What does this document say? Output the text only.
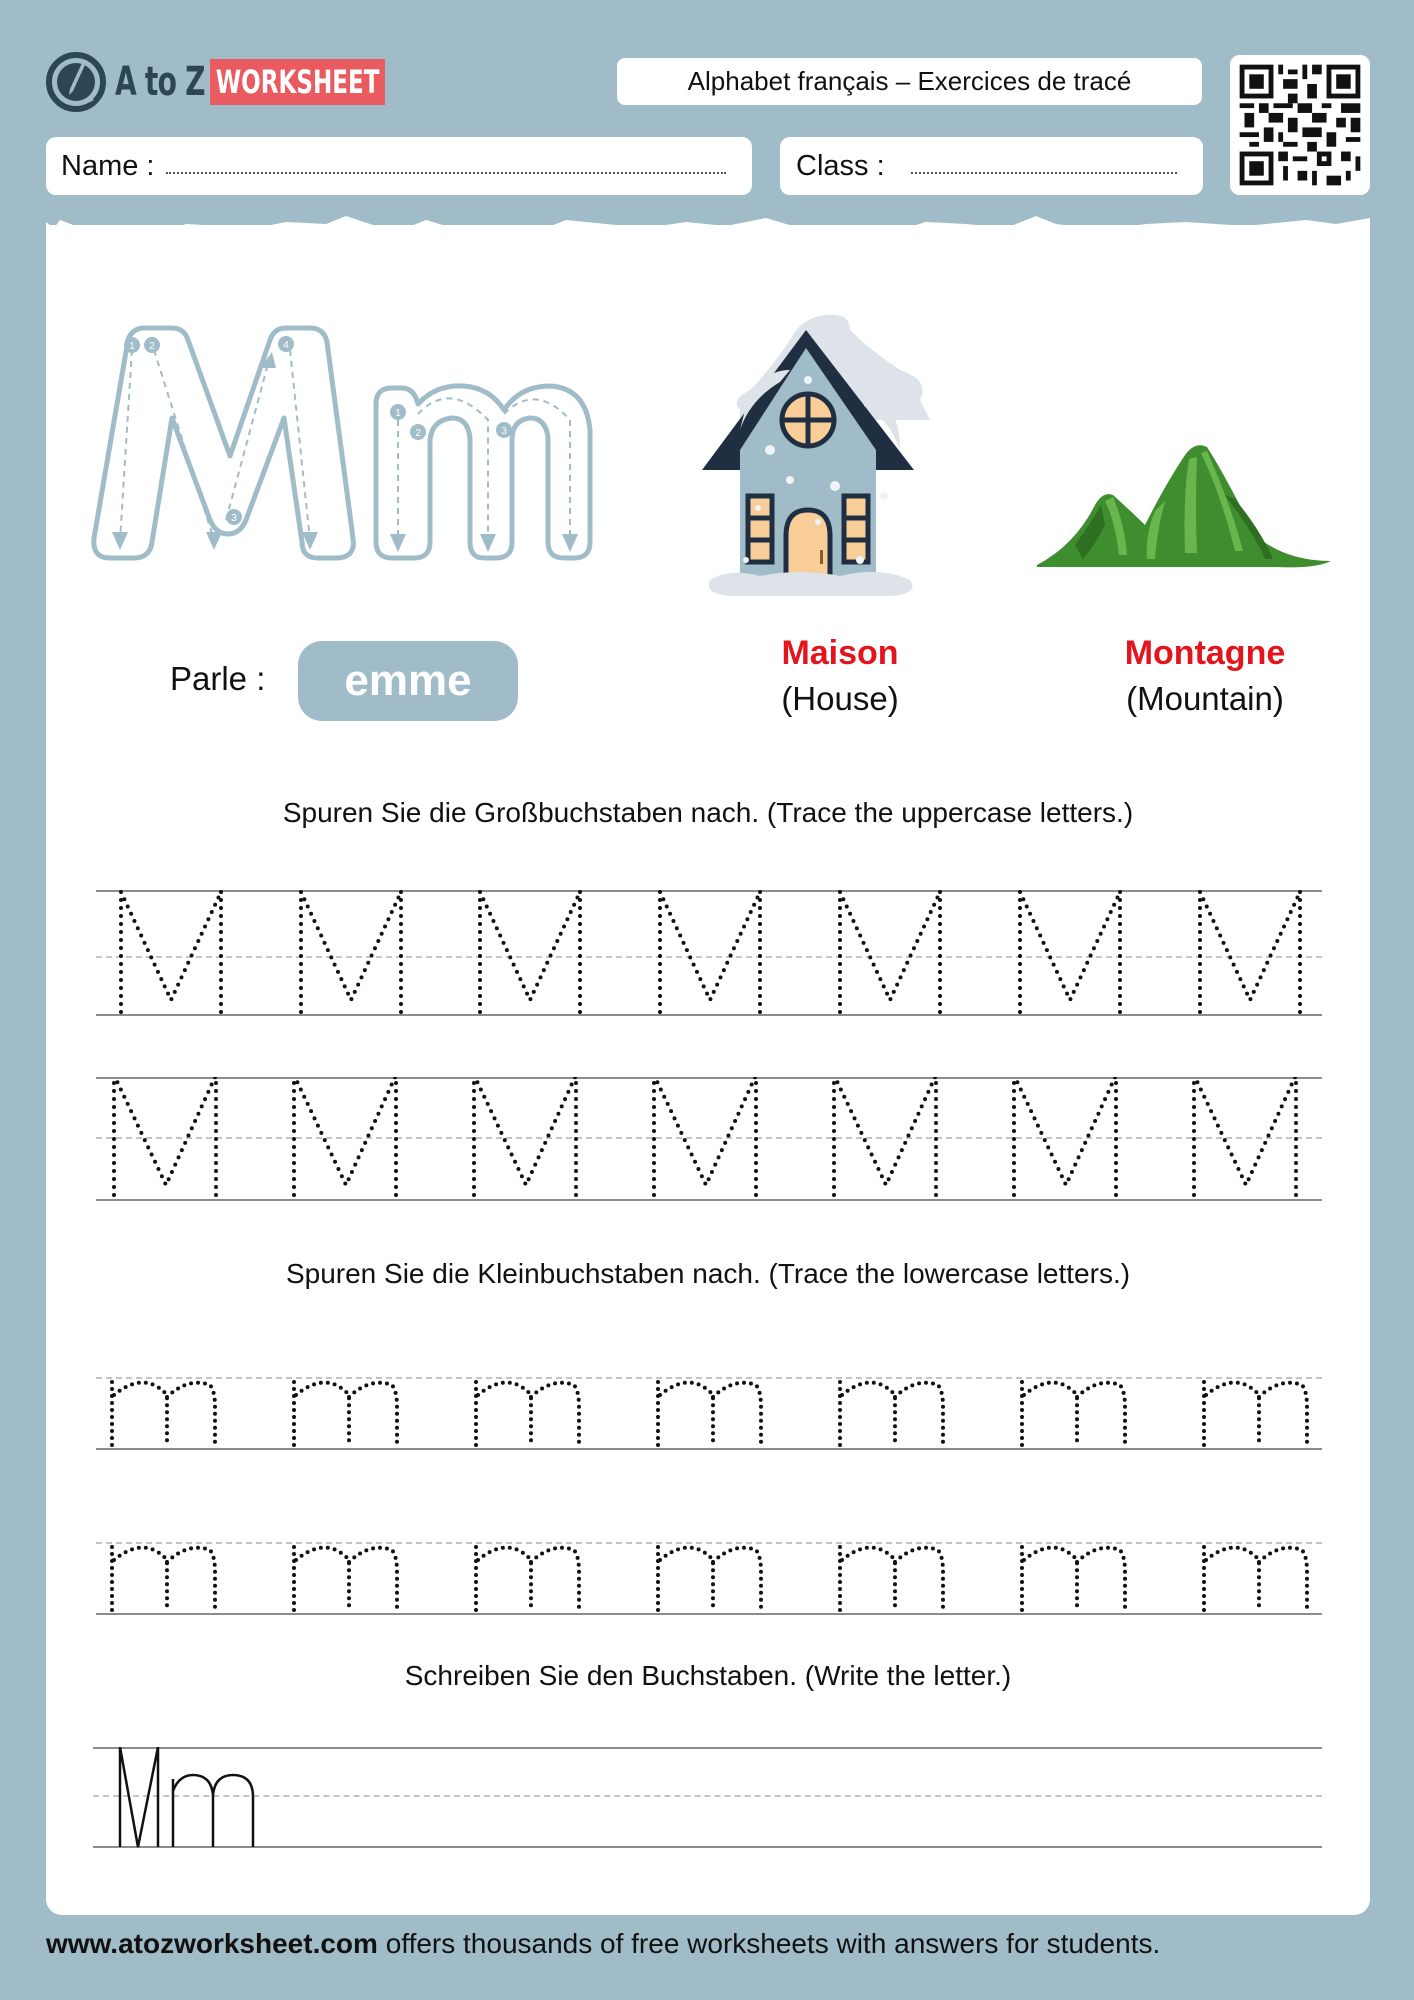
A to Z WORKSHEET	Alphabet français – Exercices de tracé
Name :	Class :
1 2
3
4
1
2	3
Parle : emme
Maison
(House)
Montagne
(Mountain)
Spuren Sie die Großbuchstaben nach. (Trace the uppercase letters.)
Spuren Sie die Kleinbuchstaben nach. (Trace the lowercase letters.)
Schreiben Sie den Buchstaben. (Write the letter.)
www.atozworksheet.com offers thousands of free worksheets with answers for students.
